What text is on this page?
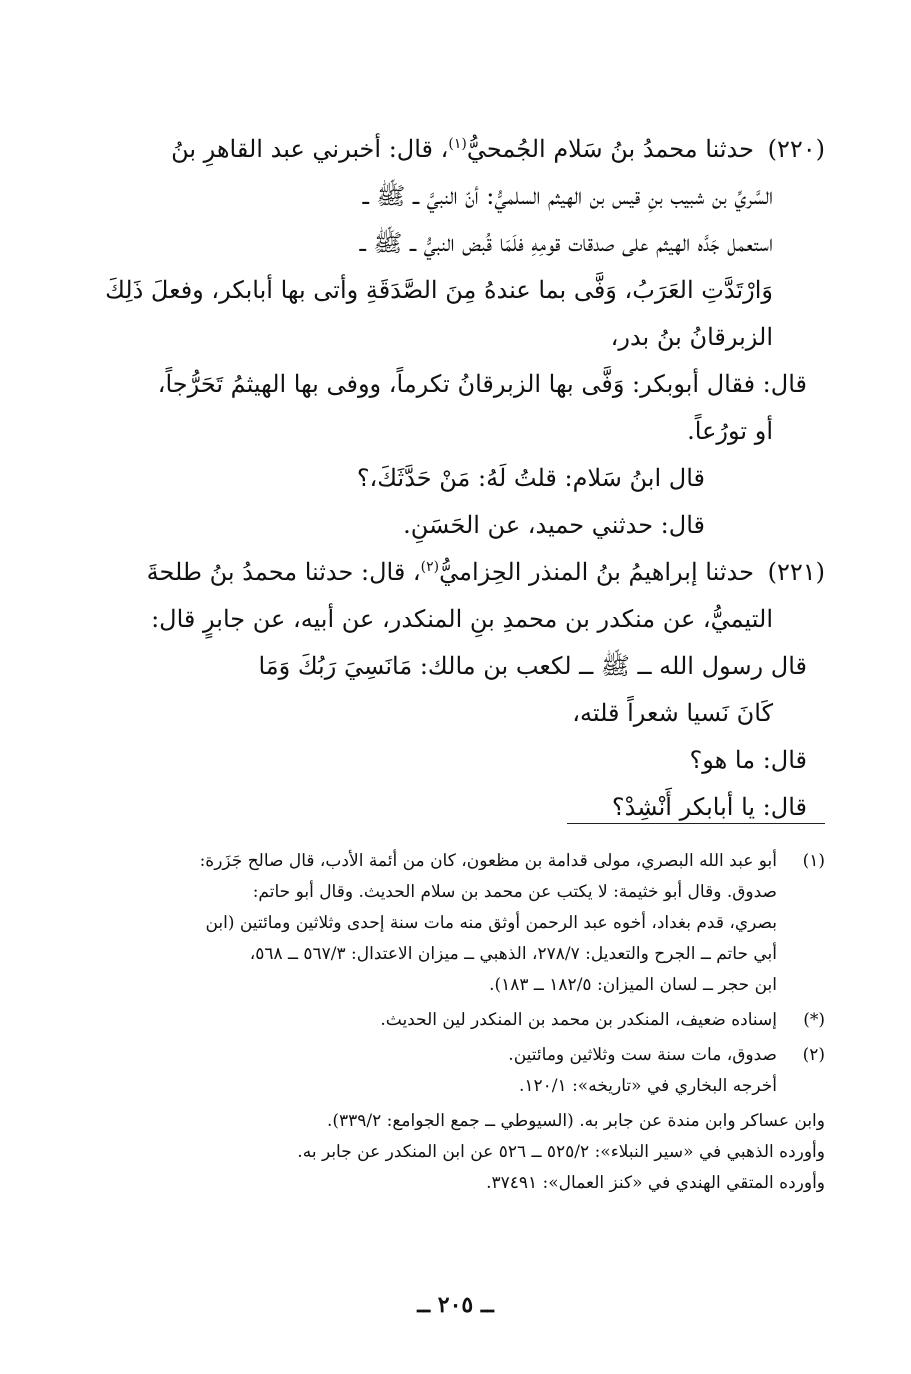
(٢٢٠) حدثنا محمدُ بنُ سَلام الجُمحيُّ$^{(١)}$، قال: أخبرني عبد القاهرِ بنُ
السَّريِّ بن شبيب بنِ قيس بن الهيثم السلميُّ: أنّ النبيَّ ــ ﷺ ــ
استعمل جَدَّه الهيثم على صدقات قومِهِ فلَمَا قُبض النبيُّ ــ ﷺ ــ
وَارْتَدَّتِ العَرَبُ، وَفَّى بما عندهُ مِنَ الصَّدَقَةِ وأتى بها أبابكر، وفعلَ ذَلِكَ
الزبرقانُ بنُ بدر،
قال: فقال أبوبكر: وَفَّى بها الزبرقانُ تكرماً، ووفى بها الهيثمُ تَحَرُّجاً،
أو تورُعاً.
قال ابنُ سَلام: قلتُ لَهُ: مَنْ حَدَّثَكَ،؟
قال: حدثني حميد، عن الحَسَنِ.
(٢٢١) حدثنا إبراهيمُ بنُ المنذر الحِزاميُّ$^{(٢)}$، قال: حدثنا محمدُ بنُ طلحةَ
التيميُّ، عن منكدر بن محمدِ بنِ المنكدر، عن أبيه، عن جابرٍ قال:
قال رسول الله ــ ﷺ ــ لكعب بن مالك: مَانَسِيَ رَبُكَ وَمَا
كَانَ نَسيا شعراً قلته،
قال: ما هو؟
قال: يا أبابكر أَنْشِدْ؟
(١)
أبو عبد الله البصري، مولى قدامة بن مظعون، كان من أئمة الأدب، قال صالح جَزَرة:
صدوق. وقال أبو خثيمة: لا يكتب عن محمد بن سلام الحديث. وقال أبو حاتم:
بصري، قدم بغداد، أخوه عبد الرحمن أوثق منه مات سنة إحدى وثلاثين ومائتين (ابن
أبي حاتم ــ الجرح والتعديل: ٢٧٨/٧، الذهبي ــ ميزان الاعتدال: ٥٦٧/٣ ــ ٥٦٨،
ابن حجر ــ لسان الميزان: ١٨٢/٥ ــ ١٨٣).
(*)
إسناده ضعيف، المنكدر بن محمد بن المنكدر لين الحديث.
(٢)
صدوق، مات سنة ست وثلاثين ومائتين.
أخرجه البخاري في «تاريخه»: ١٢٠/١.
وابن عساكر وابن مندة عن جابر به. (السيوطي ــ جمع الجوامع: ٣٣٩/٢).
وأورده الذهبي في «سير النبلاء»: ٥٢٥/٢ ــ ٥٢٦ عن ابن المنكدر عن جابر به.
وأورده المتقي الهندي في «كنز العمال»: ٣٧٤٩١.
ــ ٢٠٥ ــ
